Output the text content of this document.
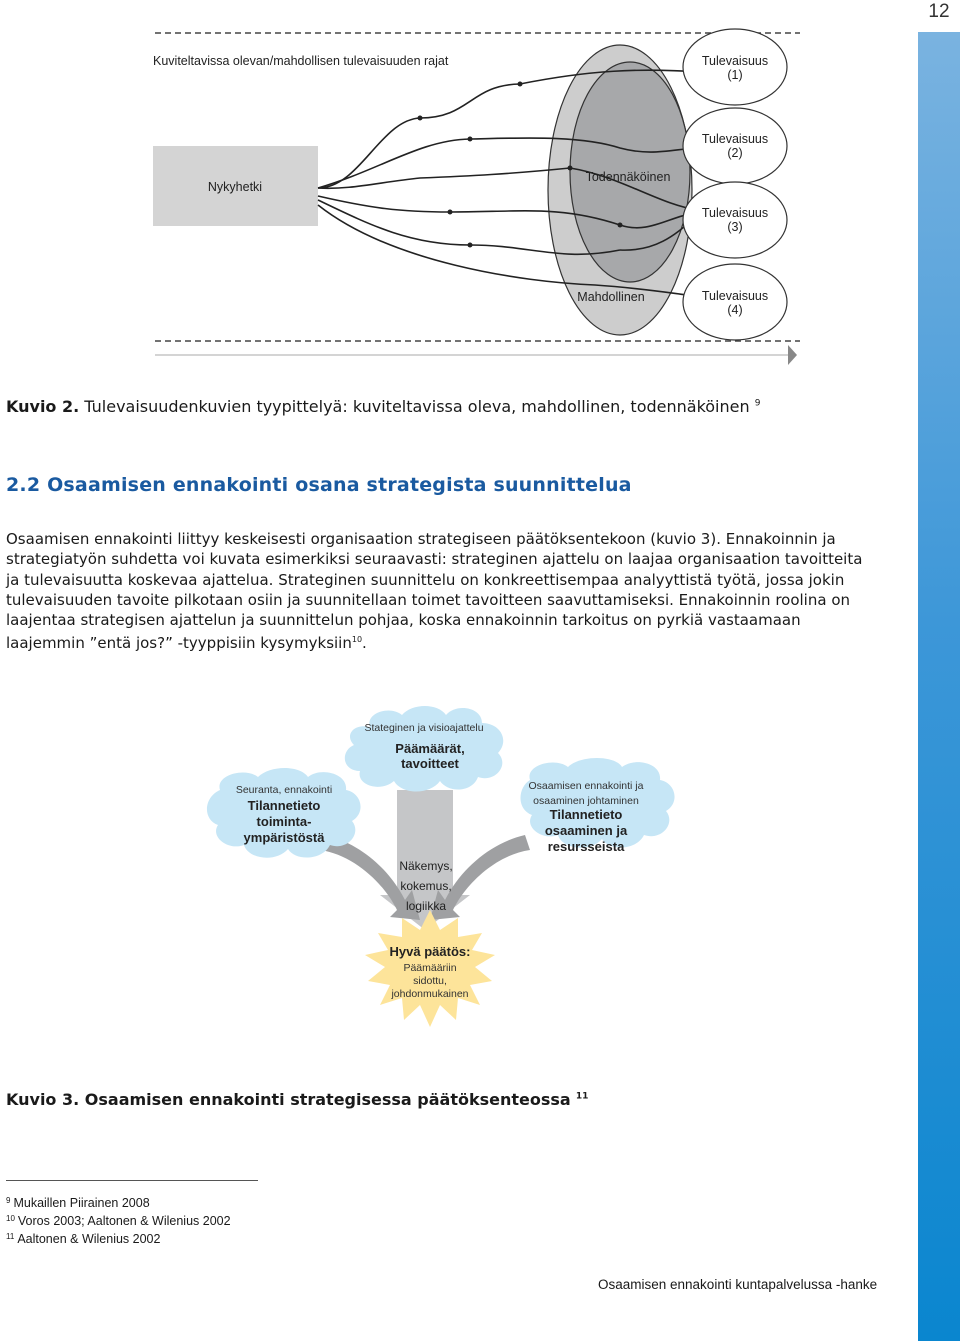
12
Kuviteltavissa olevan/mahdollisen tulevaisuuden rajat
Nykyhetki
Todennäköinen
Mahdollinen
Tulevaisuus
(1)
Tulevaisuus
(2)
Tulevaisuus
(3)
Tulevaisuus
(4)
Kuvio 2. Tulevaisuudenkuvien tyypittelyä: kuviteltavissa oleva, mahdollinen, todennäköinen $^9$
2.2 Osaamisen ennakointi osana strategista suunnittelua

Osaamisen ennakointi liittyy keskeisesti organisaation strategiseen päätöksentekoon (kuvio 3). Ennakoinnin ja strategiatyön suhdetta voi kuvata esimerkiksi seuraavasti: strateginen ajattelu on laajaa organisaation tavoitteita ja tulevaisuutta koskevaa ajattelua. Strateginen suunnittelu on konkreettisempaa analyyttistä työtä, jossa jokin tulevaisuuden tavoite pilkotaan osiin ja suunnitellaan toimet tavoitteen saavuttamiseksi. Ennakoinnin roolina on laajentaa strategisen ajattelun ja suunnittelun pohjaa, koska ennakoinnin tarkoitus on pyrkiä vastaamaan laajemmin ”entä jos?” -tyyppisiin kysymyksiin$^{10}$.

Stateginen ja visioajattelu
Päämäärät,
tavoitteet
Seuranta, ennakointi
Tilannetieto
toiminta-
ympäristöstä
Osaamisen ennakointi ja
osaaminen johtaminen
Tilannetieto
osaaminen ja
resursseista
Näkemys,
kokemus,
logiikka
Hyvä päätös:
Päämääriin
sidottu,
johdonmukainen
Kuvio 3. Osaamisen ennakointi strategisessa päätöksenteossa $^{11}$
$^9$ Mukaillen Piirainen 2008
$^{10}$ Voros 2003; Aaltonen & Wilenius 2002
$^{11}$ Aaltonen & Wilenius 2002
Osaamisen ennakointi kuntapalvelussa -hanke
